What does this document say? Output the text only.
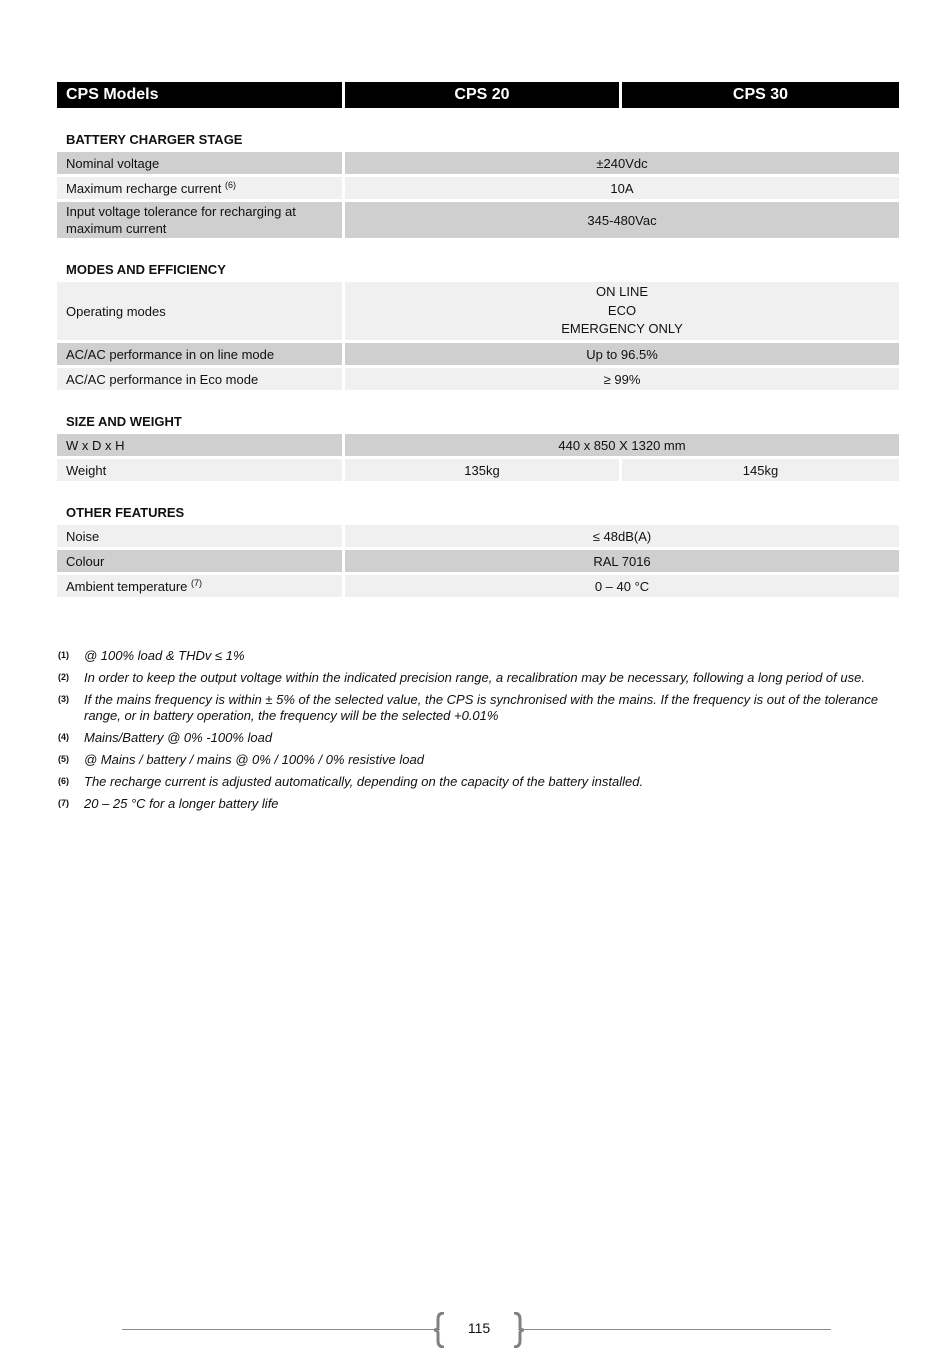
CPS Models	CPS 20	CPS 30
BATTERY CHARGER STAGE		
Nominal voltage	±240Vdc	
Maximum recharge current $^{(6)}$	10A	

Input voltage tolerance for recharging at
maximum current	345-480Vac	
MODES AND EFFICIENCY		
Operating modes	ON LINE
ECO
EMERGENCY ONLY	

AC/AC performance in on line mode	Up to 96.5%	
AC/AC performance in Eco mode	≥ 99%	
SIZE AND WEIGHT		
W x D x H	440 x 850 X 1320 mm	
Weight	135kg	145kg
OTHER FEATURES		
Noise	≤ 48dB(A)	
Colour	RAL 7016	
Ambient temperature $^{(7)}$	0 – 40 °C	
(1)	@ 100% load & THDv ≤ 1%
(2)	In order to keep the output voltage within the indicated precision range, a recalibration may be necessary, following a long period of use.
(3)	If the mains frequency is within ± 5% of the selected value, the CPS is synchronised with the mains. If the frequency is out of the tolerance range, or in battery operation, the frequency will be the selected +0.01%
(4)	Mains/Battery @ 0% -100% load
(5)	@ Mains / battery / mains @ 0% / 100% / 0% resistive load
(6)	The recharge current is adjusted automatically, depending on the capacity of the battery installed.
(7)	20 – 25 °C for a longer battery life
115
